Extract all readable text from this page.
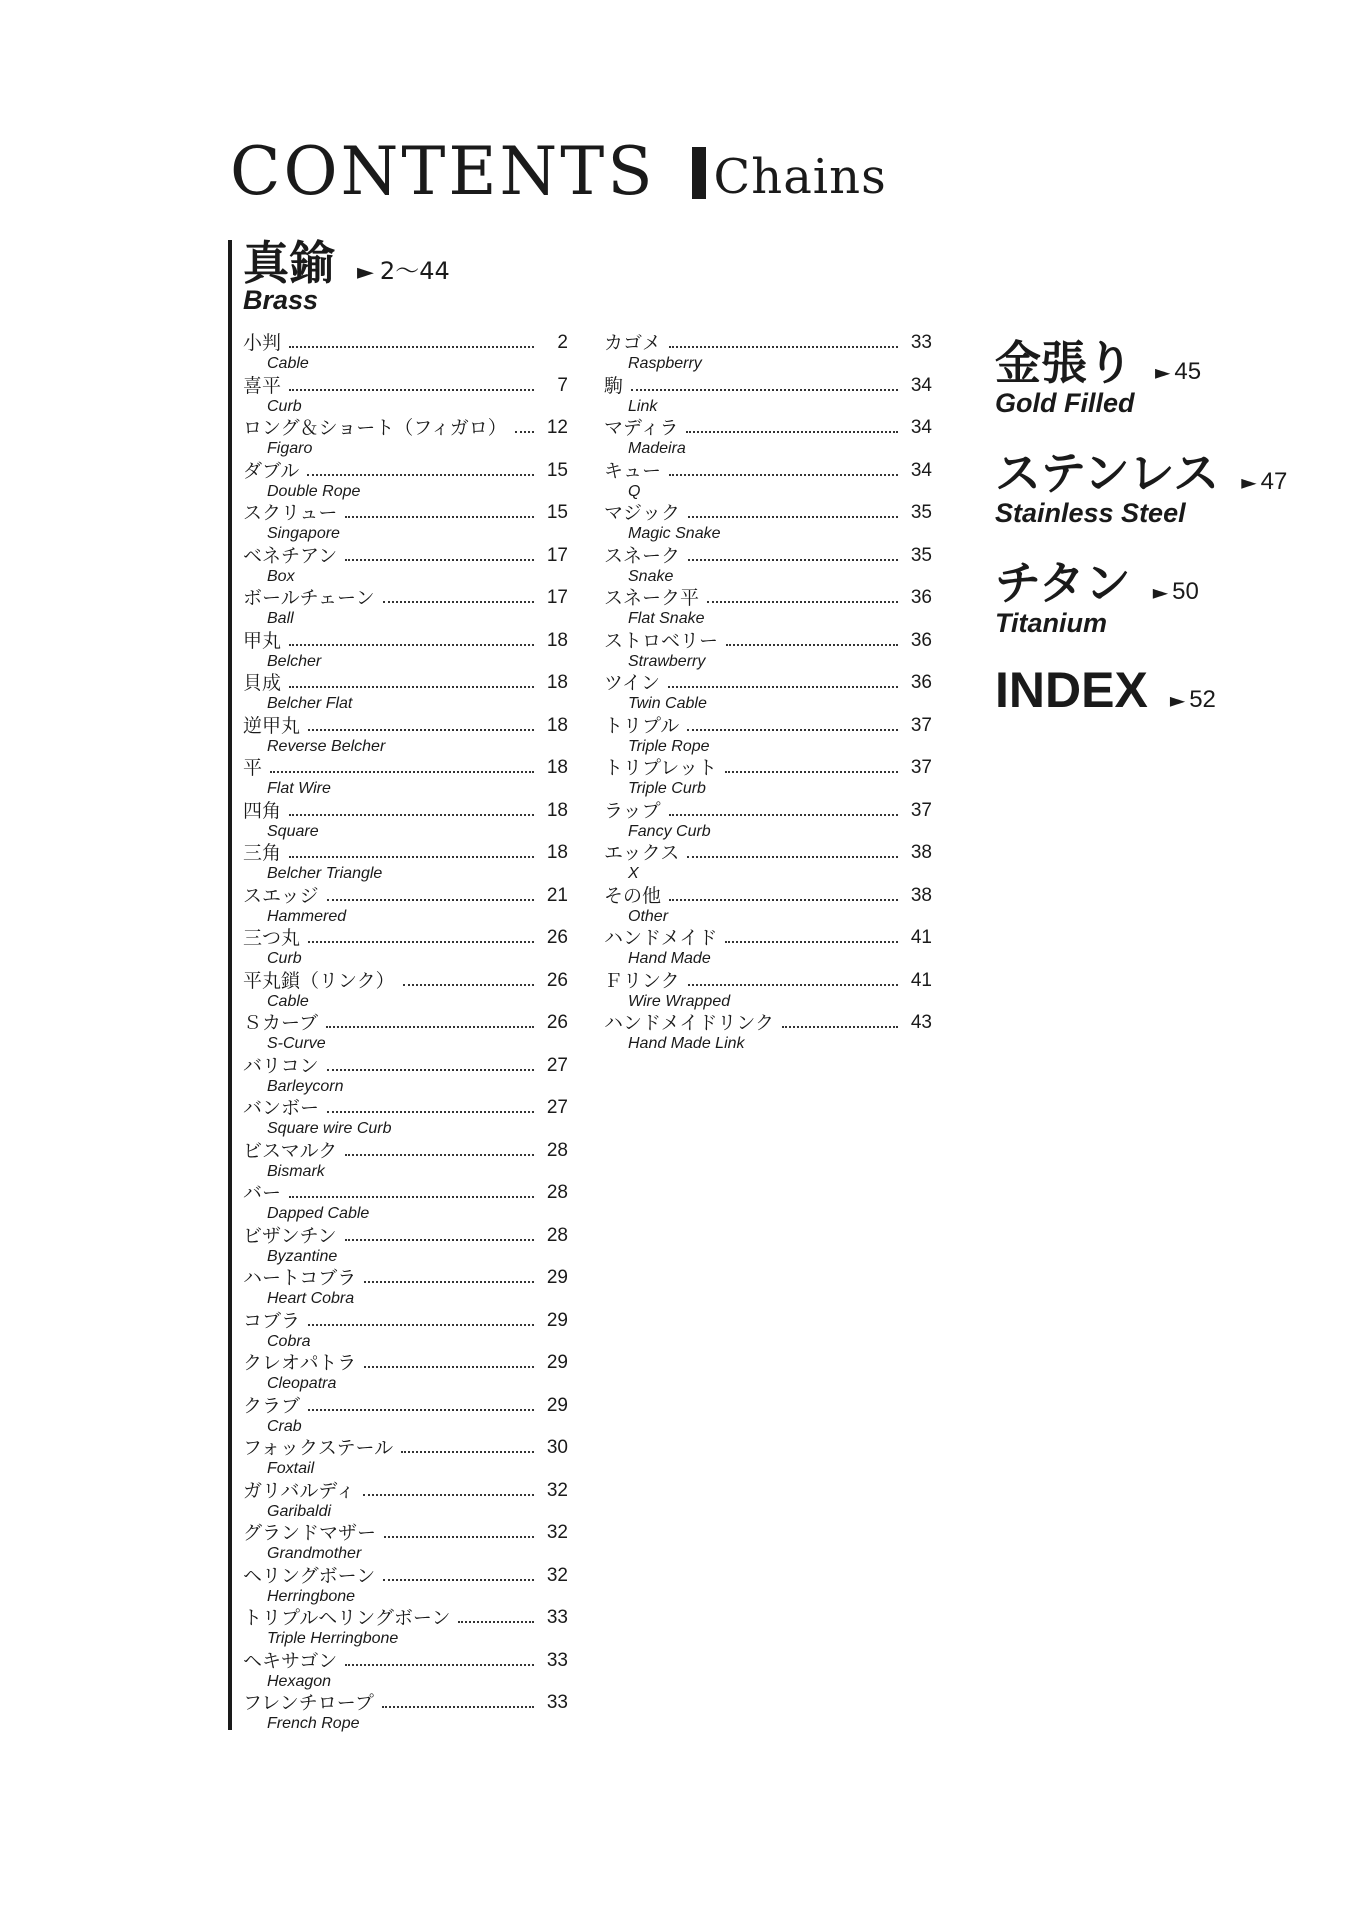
CONTENTS Chains
真鍮 ► 2～44
Brass
小判	2
Cable
喜平	7
Curb
ロング＆ショート（フィガロ） 12
Figaro
ダブル	15
Double Rope
スクリュー	15
Singapore
ベネチアン	17
Box
ボールチェーン	17
Ball
甲丸	18
Belcher
貝成	18
Belcher Flat
逆甲丸	18
Reverse Belcher
平	18
Flat Wire
四角	18
Square
三角	18
Belcher Triangle
スエッジ	21
Hammered
三つ丸	26
Curb
平丸鎖（リンク）	26
Cable
Ｓカーブ	26
S-Curve
バリコン	27
Barleycorn
バンボー	27
Square wire Curb
ビスマルク	28
Bismark
バー	28
Dapped Cable
ビザンチン	28
Byzantine
ハートコブラ	29
Heart Cobra
コブラ	29
Cobra
クレオパトラ	29
Cleopatra
クラブ	29
Crab
フォックステール	30
Foxtail
ガリバルディ	32
Garibaldi
グランドマザー	32
Grandmother
ヘリングボーン	32
Herringbone
トリプルヘリングボーン	33
Triple Herringbone
ヘキサゴン	33
Hexagon
フレンチロープ	33
French Rope
カゴメ	33
Raspberry
駒	34
Link
マディラ	34
Madeira
キュー	34
Q
マジック	35
Magic Snake
スネーク	35
Snake
スネーク平	36
Flat Snake
ストロベリー	36
Strawberry
ツイン	36
Twin Cable
トリプル	37
Triple Rope
トリプレット	37
Triple Curb
ラップ	37
Fancy Curb
エックス	38
X
その他	38
Other
ハンドメイド	41
Hand Made
Ｆリンク	41
Wire Wrapped
ハンドメイドリンク	43
Hand Made Link
金張り ► 45
Gold Filled
ステンレス ► 47
Stainless Steel
チタン ► 50
Titanium
INDEX ► 52
